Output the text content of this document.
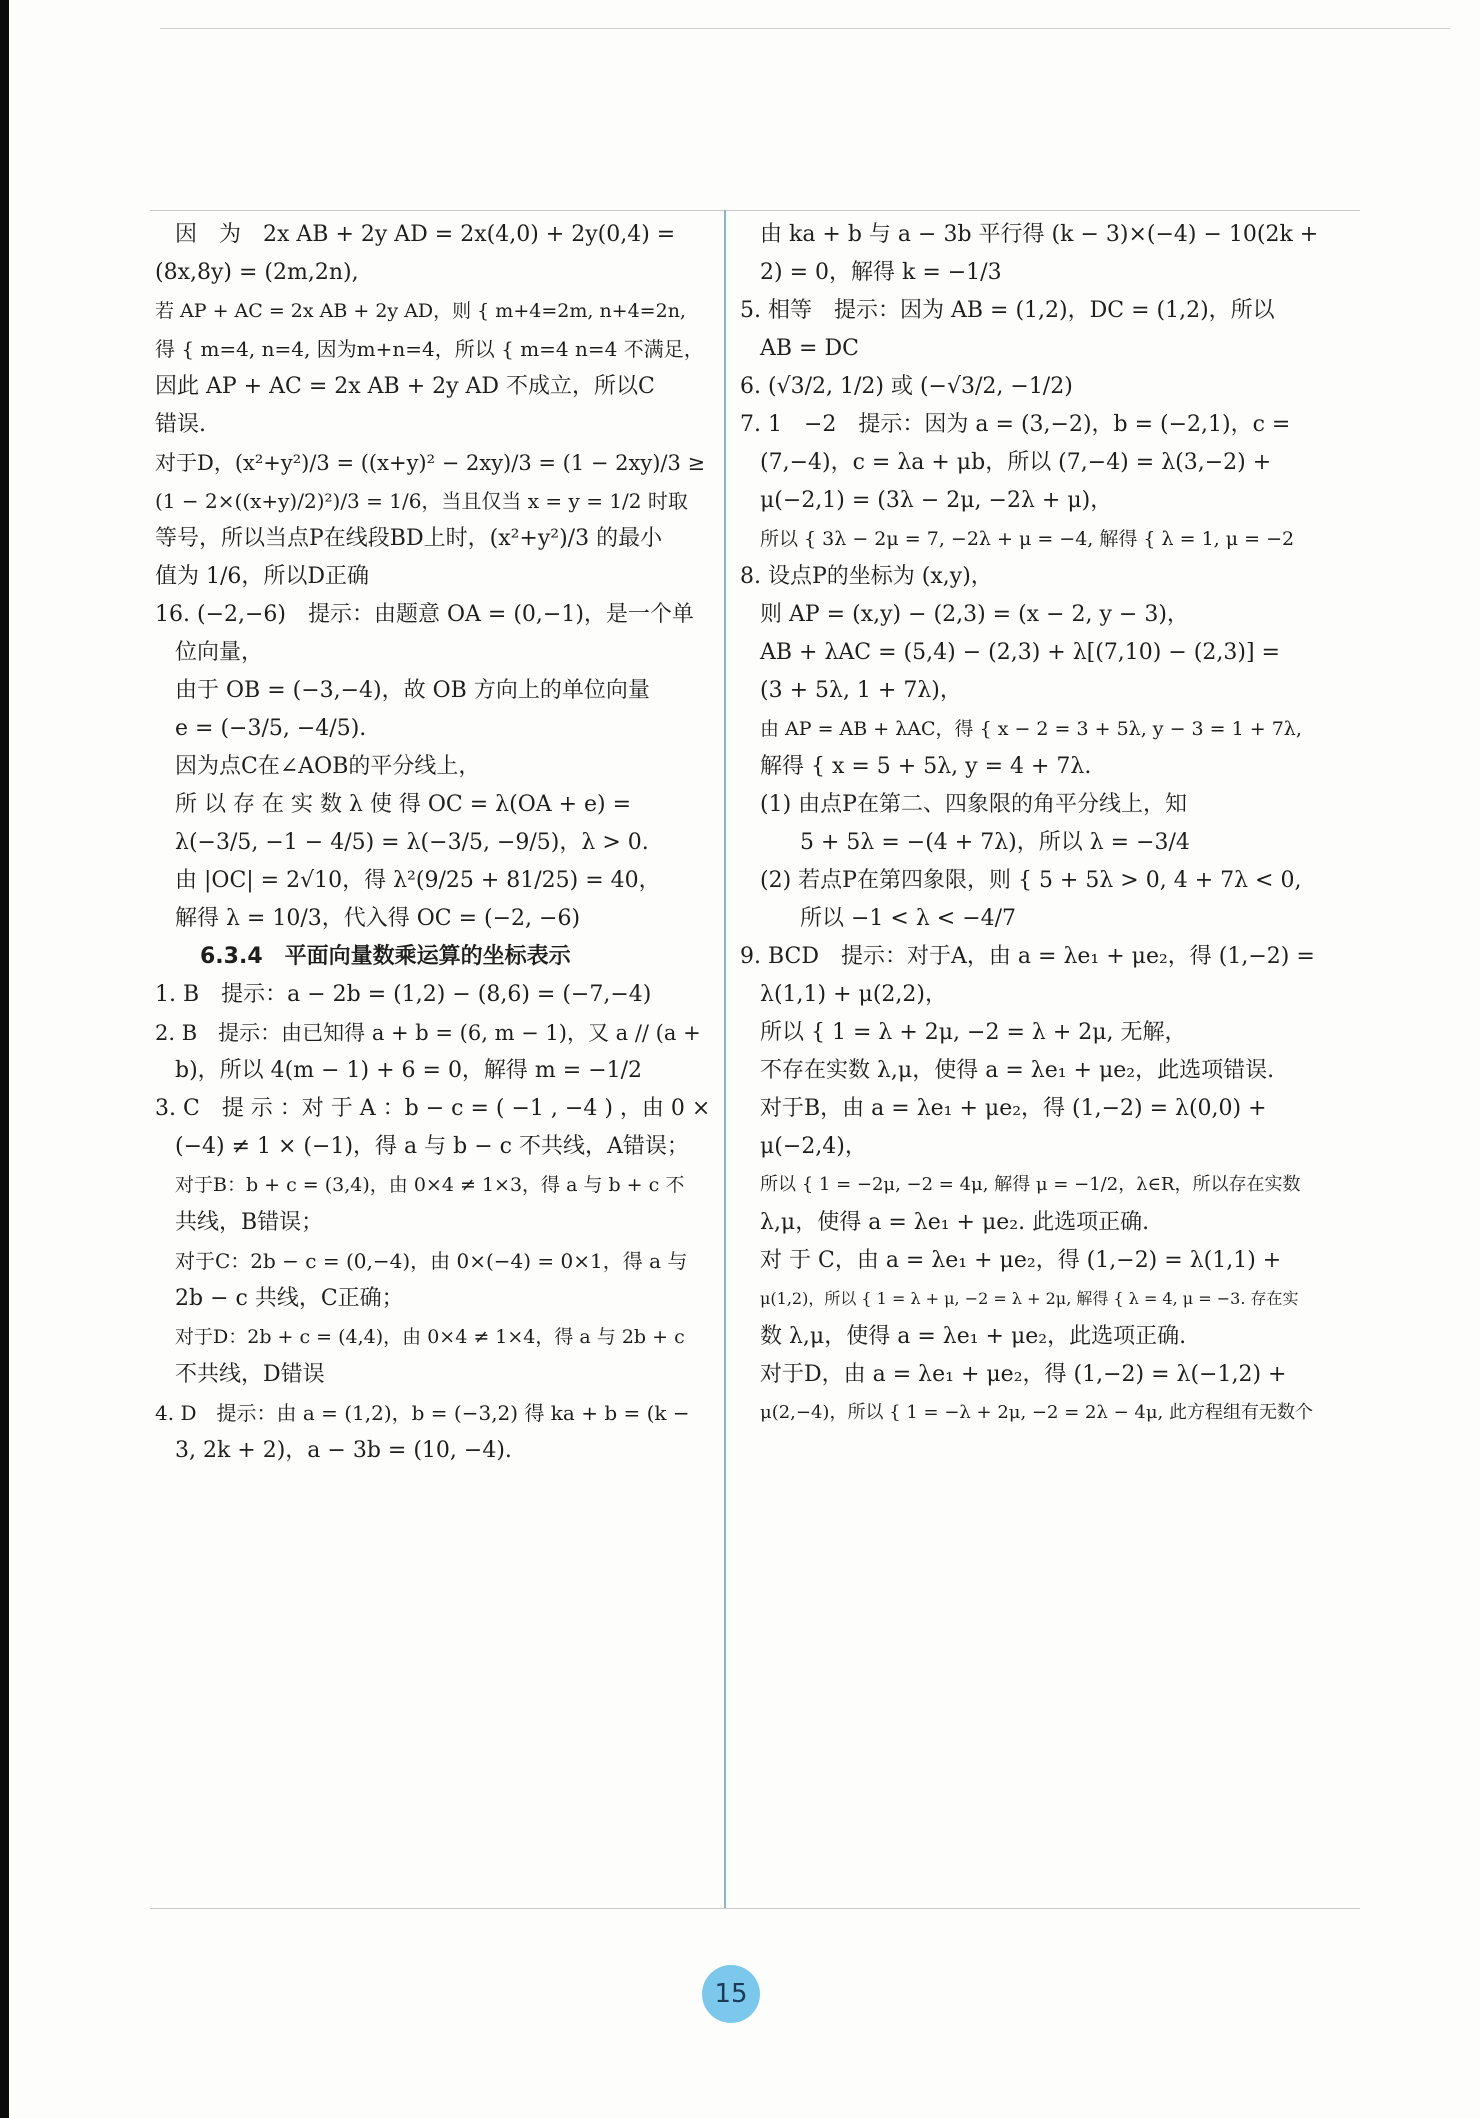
因　为　2x AB + 2y AD = 2x(4,0) + 2y(0,4) =
(8x,8y) = (2m,2n),
若 AP + AC = 2x AB + 2y AD，则 { m+4=2m, n+4=2n,
得 { m=4, n=4, 因为m+n=4，所以 { m=4 n=4 不满足，
因此 AP + AC = 2x AB + 2y AD 不成立，所以C
错误.
对于D，(x²+y²)/3 = ((x+y)² − 2xy)/3 = (1 − 2xy)/3 ≥
(1 − 2×((x+y)/2)²)/3 = 1/6，当且仅当 x = y = 1/2 时取
等号，所以当点P在线段BD上时，(x²+y²)/3 的最小
值为 1/6，所以D正确
16. (−2,−6)　提示：由题意 OA = (0,−1)，是一个单
位向量，
由于 OB = (−3,−4)，故 OB 方向上的单位向量
e = (−3/5, −4/5).
因为点C在∠AOB的平分线上，
所 以 存 在 实 数 λ 使 得 OC = λ(OA + e) =
λ(−3/5, −1 − 4/5) = λ(−3/5, −9/5)，λ > 0.
由 |OC| = 2√10，得 λ²(9/25 + 81/25) = 40，
解得 λ = 10/3，代入得 OC = (−2, −6)
6.3.4　平面向量数乘运算的坐标表示
1. B　提示：a − 2b = (1,2) − (8,6) = (−7,−4)
2. B　提示：由已知得 a + b = (6, m − 1)，又 a // (a +
b)，所以 4(m − 1) + 6 = 0，解得 m = −1/2
3. C　提 示 ：对 于 A ：b − c = ( −1 , −4 ) ，由 0 ×
(−4) ≠ 1 × (−1)，得 a 与 b − c 不共线，A错误；
对于B：b + c = (3,4)，由 0×4 ≠ 1×3，得 a 与 b + c 不
共线，B错误；
对于C：2b − c = (0,−4)，由 0×(−4) = 0×1，得 a 与
2b − c 共线，C正确；
对于D：2b + c = (4,4)，由 0×4 ≠ 1×4，得 a 与 2b + c
不共线，D错误
4. D　提示：由 a = (1,2)，b = (−3,2) 得 ka + b = (k −
3, 2k + 2)，a − 3b = (10, −4).
由 ka + b 与 a − 3b 平行得 (k − 3)×(−4) − 10(2k +
2) = 0，解得 k = −1/3
5. 相等　提示：因为 AB = (1,2)，DC = (1,2)，所以
AB = DC
6. (√3/2, 1/2) 或 (−√3/2, −1/2)
7. 1　−2　提示：因为 a = (3,−2)，b = (−2,1)，c =
(7,−4)，c = λa + μb，所以 (7,−4) = λ(3,−2) +
μ(−2,1) = (3λ − 2μ, −2λ + μ)，
所以 { 3λ − 2μ = 7, −2λ + μ = −4, 解得 { λ = 1, μ = −2
8. 设点P的坐标为 (x,y)，
则 AP = (x,y) − (2,3) = (x − 2, y − 3)，
AB + λAC = (5,4) − (2,3) + λ[(7,10) − (2,3)] =
(3 + 5λ, 1 + 7λ)，
由 AP = AB + λAC，得 { x − 2 = 3 + 5λ, y − 3 = 1 + 7λ,
解得 { x = 5 + 5λ, y = 4 + 7λ.
(1) 由点P在第二、四象限的角平分线上，知
5 + 5λ = −(4 + 7λ)，所以 λ = −3/4
(2) 若点P在第四象限，则 { 5 + 5λ > 0, 4 + 7λ < 0,
所以 −1 < λ < −4/7
9. BCD　提示：对于A，由 a = λe₁ + μe₂，得 (1,−2) =
λ(1,1) + μ(2,2)，
所以 { 1 = λ + 2μ, −2 = λ + 2μ, 无解，
不存在实数 λ,μ，使得 a = λe₁ + μe₂，此选项错误.
对于B，由 a = λe₁ + μe₂，得 (1,−2) = λ(0,0) +
μ(−2,4)，
所以 { 1 = −2μ, −2 = 4μ, 解得 μ = −1/2，λ∈R，所以存在实数
λ,μ，使得 a = λe₁ + μe₂. 此选项正确.
对 于 C，由 a = λe₁ + μe₂，得 (1,−2) = λ(1,1) +
μ(1,2)，所以 { 1 = λ + μ, −2 = λ + 2μ, 解得 { λ = 4, μ = −3. 存在实
数 λ,μ，使得 a = λe₁ + μe₂，此选项正确.
对于D，由 a = λe₁ + μe₂，得 (1,−2) = λ(−1,2) +
μ(2,−4)，所以 { 1 = −λ + 2μ, −2 = 2λ − 4μ, 此方程组有无数个
15
